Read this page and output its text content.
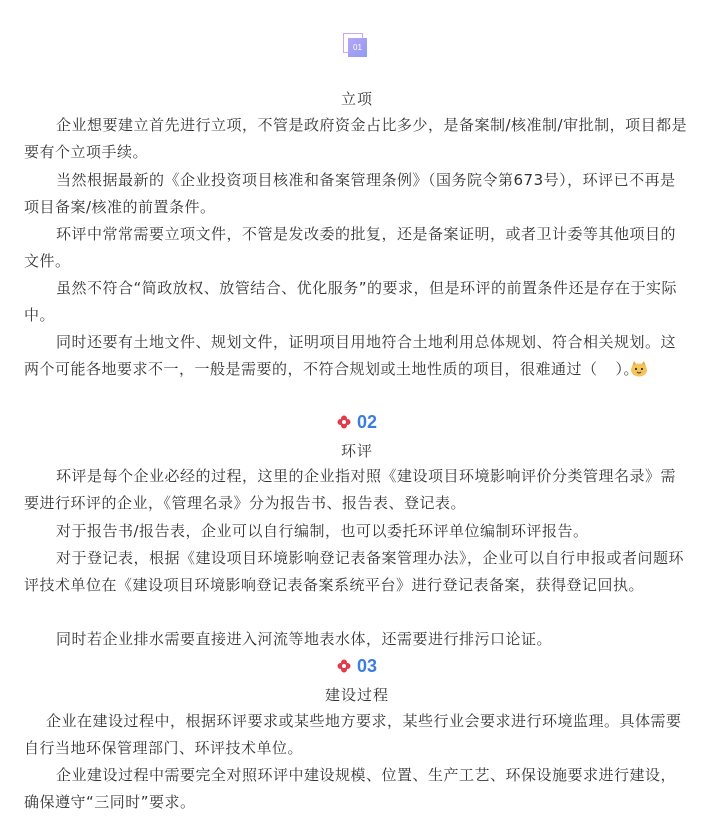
01
立项
企业想要建立首先进行立项，不管是政府资金占比多少，是备案制/核准制/审批制，项目都是要有个立项手续。
当然根据最新的《企业投资项目核准和备案管理条例》（国务院令第673号），环评已不再是项目备案/核准的前置条件。
环评中常常需要立项文件，不管是发改委的批复，还是备案证明，或者卫计委等其他项目的文件。
虽然不符合“简政放权、放管结合、优化服务”的要求，但是环评的前置条件还是存在于实际中。
同时还要有土地文件、规划文件，证明项目用地符合土地利用总体规划、符合相关规划。这两个可能各地要求不一，一般是需要的，不符合规划或土地性质的项目，很难通过（ ）。
02
环评
环评是每个企业必经的过程，这里的企业指对照《建设项目环境影响评价分类管理名录》需要进行环评的企业，《管理名录》分为报告书、报告表、登记表。
对于报告书/报告表，企业可以自行编制，也可以委托环评单位编制环评报告。
对于登记表，根据《建设项目环境影响登记表备案管理办法》，企业可以自行申报或者问题环评技术单位在《建设项目环境影响登记表备案系统平台》进行登记表备案，获得登记回执。
同时若企业排水需要直接进入河流等地表水体，还需要进行排污口论证。
03
建设过程
企业在建设过程中，根据环评要求或某些地方要求，某些行业会要求进行环境监理。具体需要自行当地环保管理部门、环评技术单位。
企业建设过程中需要完全对照环评中建设规模、位置、生产工艺、环保设施要求进行建设，确保遵守“三同时”要求。
